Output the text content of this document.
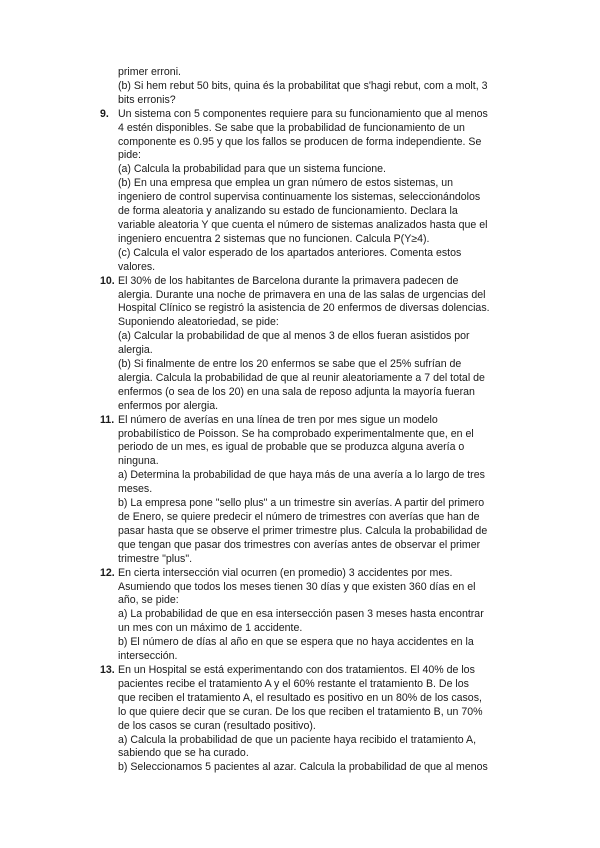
primer erroni.
(b) Si hem rebut 50 bits, quina és la probabilitat que s'hagi rebut, com a molt, 3
bits erronis?
9. Un sistema con 5 componentes requiere para su funcionamiento que al menos
4 estén disponibles. Se sabe que la probabilidad de funcionamiento de un
componente es 0.95 y que los fallos se producen de forma independiente. Se
pide:
(a) Calcula la probabilidad para que un sistema funcione.
(b) En una empresa que emplea un gran número de estos sistemas, un
ingeniero de control supervisa continuamente los sistemas, seleccionándolos
de forma aleatoria y analizando su estado de funcionamiento. Declara la
variable aleatoria Y que cuenta el número de sistemas analizados hasta que el
ingeniero encuentra 2 sistemas que no funcionen. Calcula P(Y≥4).
(c) Calcula el valor esperado de los apartados anteriores. Comenta estos
valores.
10. El 30% de los habitantes de Barcelona durante la primavera padecen de
alergia. Durante una noche de primavera en una de las salas de urgencias del
Hospital Clínico se registró la asistencia de 20 enfermos de diversas dolencias.
Suponiendo aleatoriedad, se pide:
(a) Calcular la probabilidad de que al menos 3 de ellos fueran asistidos por
alergia.
(b) Si finalmente de entre los 20 enfermos se sabe que el 25% sufrían de
alergia. Calcula la probabilidad de que al reunir aleatoriamente a 7 del total de
enfermos (o sea de los 20) en una sala de reposo adjunta la mayoría fueran
enfermos por alergia.
11. El número de averías en una línea de tren por mes sigue un modelo
probabilístico de Poisson. Se ha comprobado experimentalmente que, en el
periodo de un mes, es igual de probable que se produzca alguna avería o
ninguna.
a) Determina la probabilidad de que haya más de una avería a lo largo de tres
meses.
b) La empresa pone "sello plus" a un trimestre sin averías. A partir del primero
de Enero, se quiere predecir el número de trimestres con averías que han de
pasar hasta que se observe el primer trimestre plus. Calcula la probabilidad de
que tengan que pasar dos trimestres con averías antes de observar el primer
trimestre "plus".
12. En cierta intersección vial ocurren (en promedio) 3 accidentes por mes.
Asumiendo que todos los meses tienen 30 días y que existen 360 días en el
año, se pide:
a) La probabilidad de que en esa intersección pasen 3 meses hasta encontrar
un mes con un máximo de 1 accidente.
b) El número de días al año en que se espera que no haya accidentes en la
intersección.
13. En un Hospital se está experimentando con dos tratamientos. El 40% de los
pacientes recibe el tratamiento A y el 60% restante el tratamiento B. De los
que reciben el tratamiento A, el resultado es positivo en un 80% de los casos,
lo que quiere decir que se curan. De los que reciben el tratamiento B, un 70%
de los casos se curan (resultado positivo).
a) Calcula la probabilidad de que un paciente haya recibido el tratamiento A,
sabiendo que se ha curado.
b) Seleccionamos 5 pacientes al azar. Calcula la probabilidad de que al menos
